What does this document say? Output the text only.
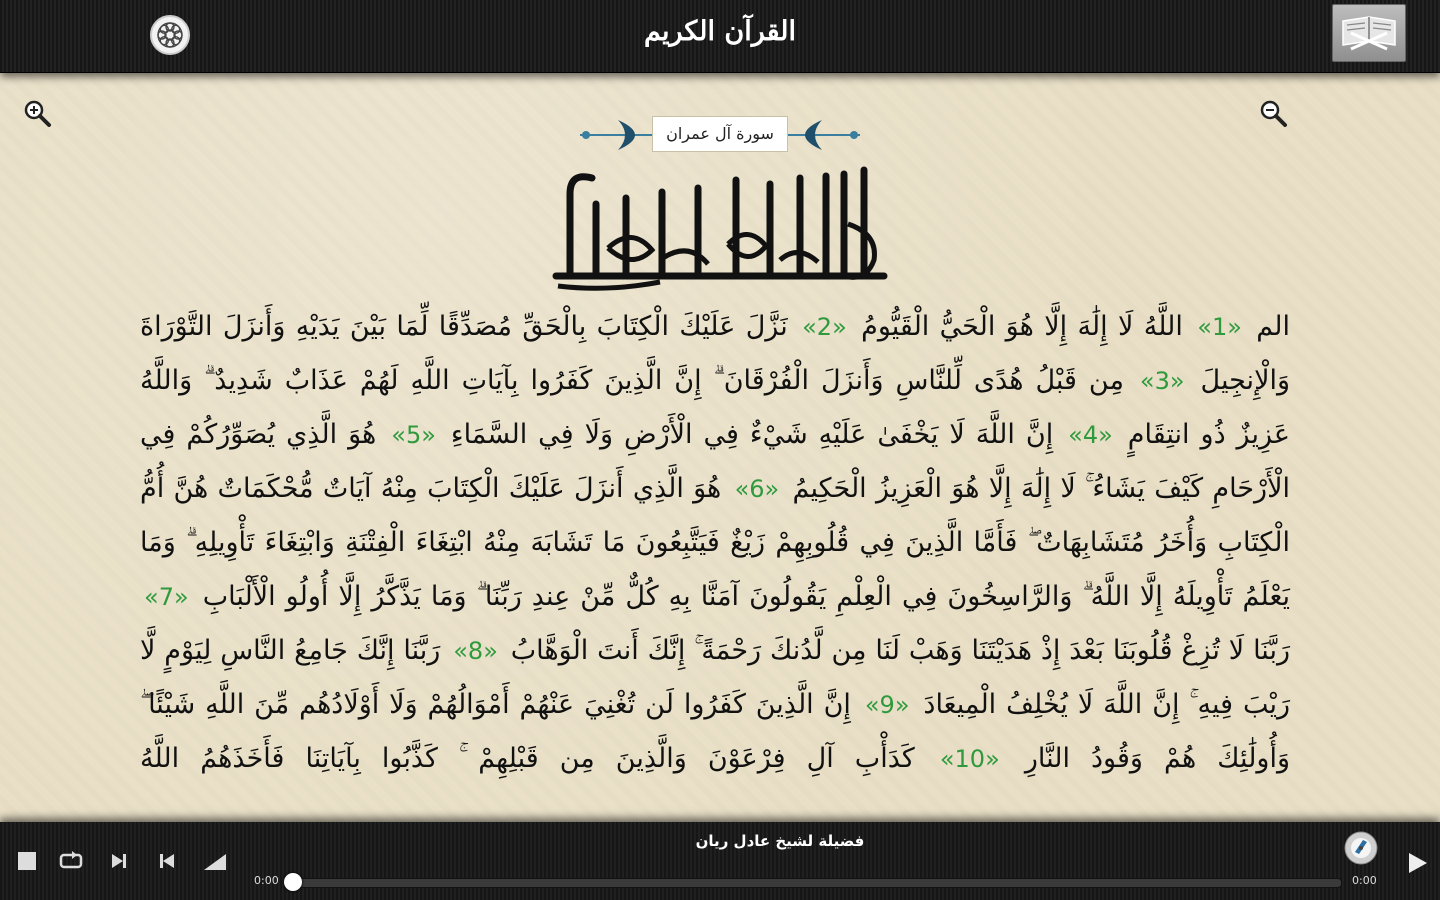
القرآن الكريم
سورة آل عمران
الم «1» اللَّهُ لَا إِلَٰهَ إِلَّا هُوَ الْحَيُّ الْقَيُّومُ «2» نَزَّلَ عَلَيْكَ الْكِتَابَ بِالْحَقِّ مُصَدِّقًا لِّمَا بَيْنَ يَدَيْهِ وَأَنزَلَ التَّوْرَاةَ وَالْإِنجِيلَ «3» مِن قَبْلُ هُدًى لِّلنَّاسِ وَأَنزَلَ الْفُرْقَانَ ۗ إِنَّ الَّذِينَ كَفَرُوا بِآيَاتِ اللَّهِ لَهُمْ عَذَابٌ شَدِيدٌ ۗ وَاللَّهُ عَزِيزٌ ذُو انتِقَامٍ «4» إِنَّ اللَّهَ لَا يَخْفَىٰ عَلَيْهِ شَيْءٌ فِي الْأَرْضِ وَلَا فِي السَّمَاءِ «5» هُوَ الَّذِي يُصَوِّرُكُمْ فِي الْأَرْحَامِ كَيْفَ يَشَاءُ ۚ لَا إِلَٰهَ إِلَّا هُوَ الْعَزِيزُ الْحَكِيمُ «6» هُوَ الَّذِي أَنزَلَ عَلَيْكَ الْكِتَابَ مِنْهُ آيَاتٌ مُّحْكَمَاتٌ هُنَّ أُمُّ الْكِتَابِ وَأُخَرُ مُتَشَابِهَاتٌ ۖ فَأَمَّا الَّذِينَ فِي قُلُوبِهِمْ زَيْغٌ فَيَتَّبِعُونَ مَا تَشَابَهَ مِنْهُ ابْتِغَاءَ الْفِتْنَةِ وَابْتِغَاءَ تَأْوِيلِهِ ۗ وَمَا يَعْلَمُ تَأْوِيلَهُ إِلَّا اللَّهُ ۗ وَالرَّاسِخُونَ فِي الْعِلْمِ يَقُولُونَ آمَنَّا بِهِ كُلٌّ مِّنْ عِندِ رَبِّنَا ۗ وَمَا يَذَّكَّرُ إِلَّا أُولُو الْأَلْبَابِ «7» رَبَّنَا لَا تُزِغْ قُلُوبَنَا بَعْدَ إِذْ هَدَيْتَنَا وَهَبْ لَنَا مِن لَّدُنكَ رَحْمَةً ۚ إِنَّكَ أَنتَ الْوَهَّابُ «8» رَبَّنَا إِنَّكَ جَامِعُ النَّاسِ لِيَوْمٍ لَّا رَيْبَ فِيهِ ۚ إِنَّ اللَّهَ لَا يُخْلِفُ الْمِيعَادَ «9» إِنَّ الَّذِينَ كَفَرُوا لَن تُغْنِيَ عَنْهُمْ أَمْوَالُهُمْ وَلَا أَوْلَادُهُم مِّنَ اللَّهِ شَيْئًا ۖ وَأُولَٰئِكَ هُمْ وَقُودُ النَّارِ «10» كَدَأْبِ آلِ فِرْعَوْنَ وَالَّذِينَ مِن قَبْلِهِمْ ۚ كَذَّبُوا بِآيَاتِنَا فَأَخَذَهُمُ اللَّهُ
فضيلة لشيخ عادل ريان
0:00	0:00
